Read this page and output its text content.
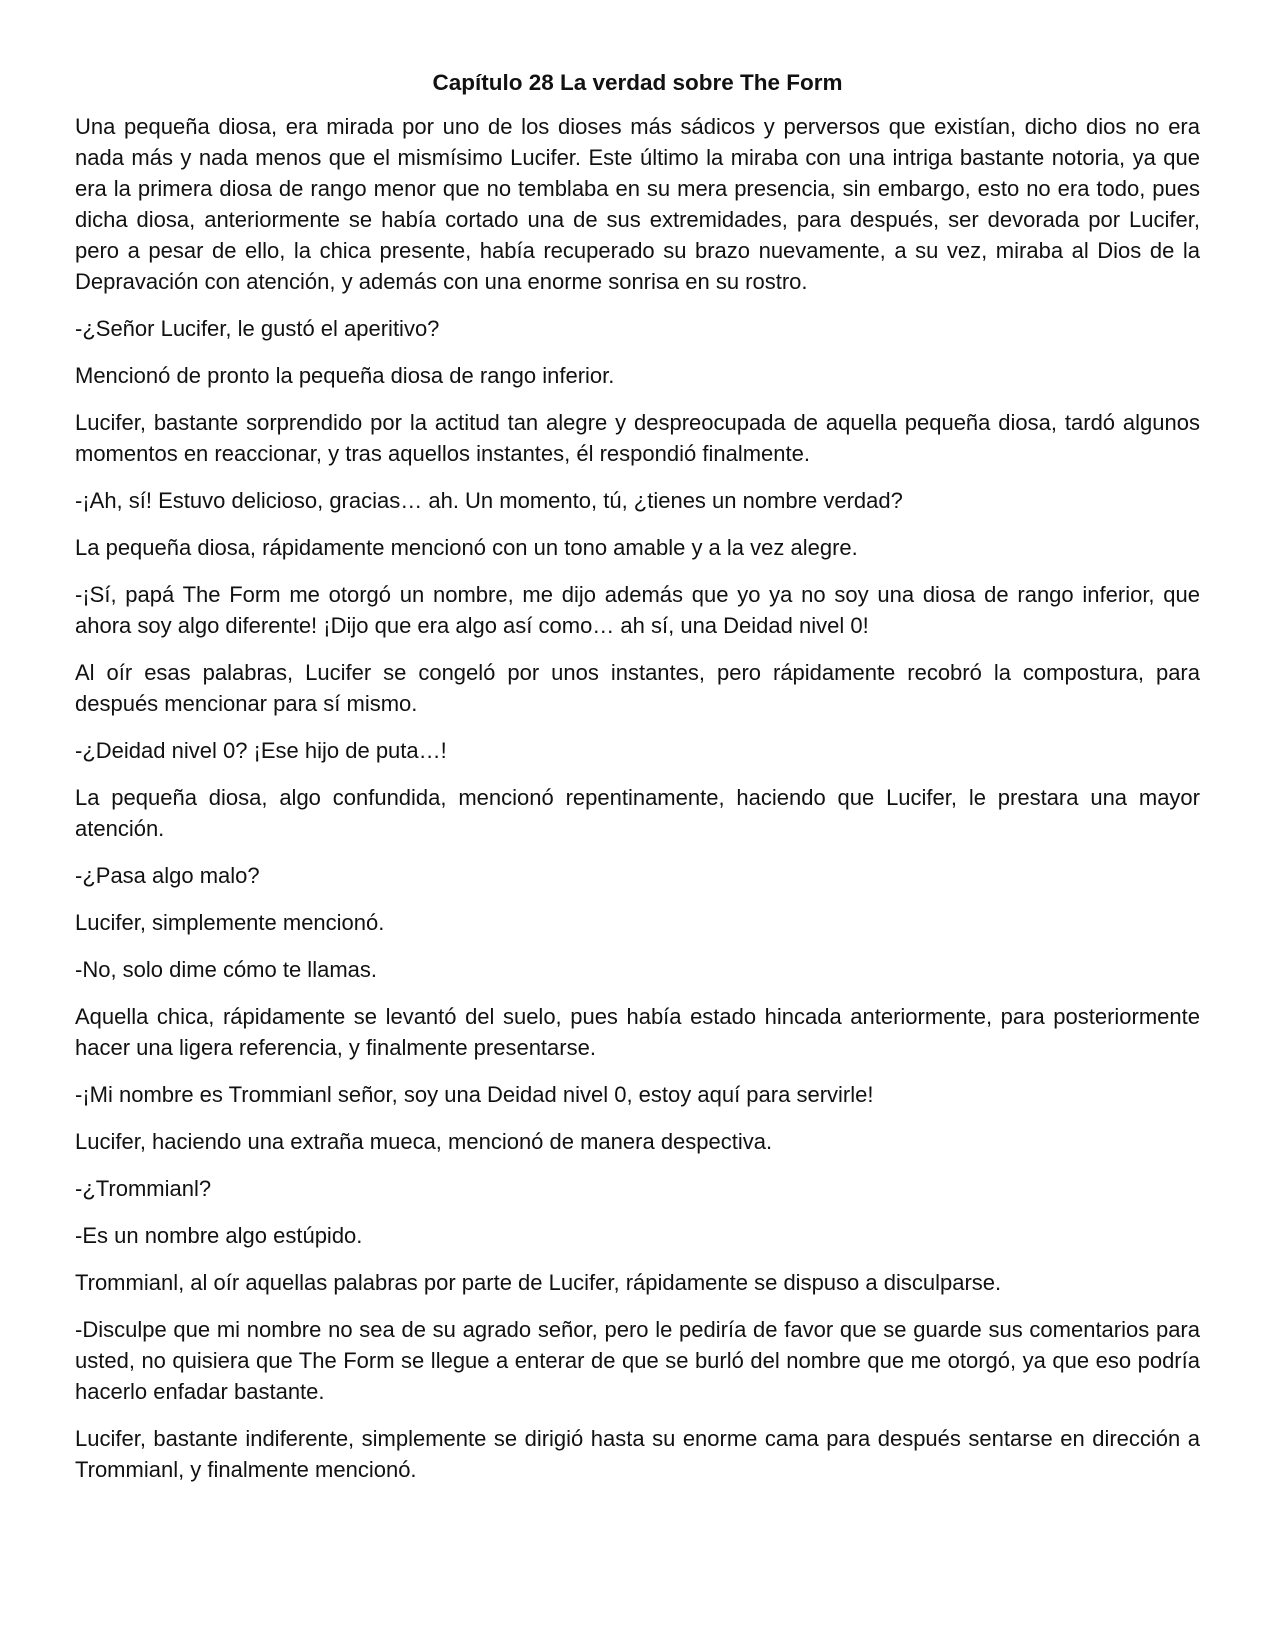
Capítulo 28 La verdad sobre The Form

Una pequeña diosa, era mirada por uno de los dioses más sádicos y perversos que existían, dicho dios no era nada más y nada menos que el mismísimo Lucifer. Este último la miraba con una intriga bastante notoria, ya que era la primera diosa de rango menor que no temblaba en su mera presencia, sin embargo, esto no era todo, pues dicha diosa, anteriormente se había cortado una de sus extremidades, para después, ser devorada por Lucifer, pero a pesar de ello, la chica presente, había recuperado su brazo nuevamente, a su vez, miraba al Dios de la Depravación con atención, y además con una enorme sonrisa en su rostro.

-¿Señor Lucifer, le gustó el aperitivo?

Mencionó de pronto la pequeña diosa de rango inferior.

Lucifer, bastante sorprendido por la actitud tan alegre y despreocupada de aquella pequeña diosa, tardó algunos momentos en reaccionar, y tras aquellos instantes, él respondió finalmente.

-¡Ah, sí! Estuvo delicioso, gracias… ah. Un momento, tú, ¿tienes un nombre verdad?

La pequeña diosa, rápidamente mencionó con un tono amable y a la vez alegre.

-¡Sí, papá The Form me otorgó un nombre, me dijo además que yo ya no soy una diosa de rango inferior, que ahora soy algo diferente! ¡Dijo que era algo así como… ah sí, una Deidad nivel 0!

Al oír esas palabras, Lucifer se congeló por unos instantes, pero rápidamente recobró la compostura, para después mencionar para sí mismo.

-¿Deidad nivel 0? ¡Ese hijo de puta…!

La pequeña diosa, algo confundida, mencionó repentinamente, haciendo que Lucifer, le prestara una mayor atención.

-¿Pasa algo malo?

Lucifer, simplemente mencionó.

-No, solo dime cómo te llamas.

Aquella chica, rápidamente se levantó del suelo, pues había estado hincada anteriormente, para posteriormente hacer una ligera referencia, y finalmente presentarse.

-¡Mi nombre es Trommianl señor, soy una Deidad nivel 0, estoy aquí para servirle!

Lucifer, haciendo una extraña mueca, mencionó de manera despectiva.

-¿Trommianl?

-Es un nombre algo estúpido.

Trommianl, al oír aquellas palabras por parte de Lucifer, rápidamente se dispuso a disculparse.

-Disculpe que mi nombre no sea de su agrado señor, pero le pediría de favor que se guarde sus comentarios para usted, no quisiera que The Form se llegue a enterar de que se burló del nombre que me otorgó, ya que eso podría hacerlo enfadar bastante.

Lucifer, bastante indiferente, simplemente se dirigió hasta su enorme cama para después sentarse en dirección a Trommianl, y finalmente mencionó.
